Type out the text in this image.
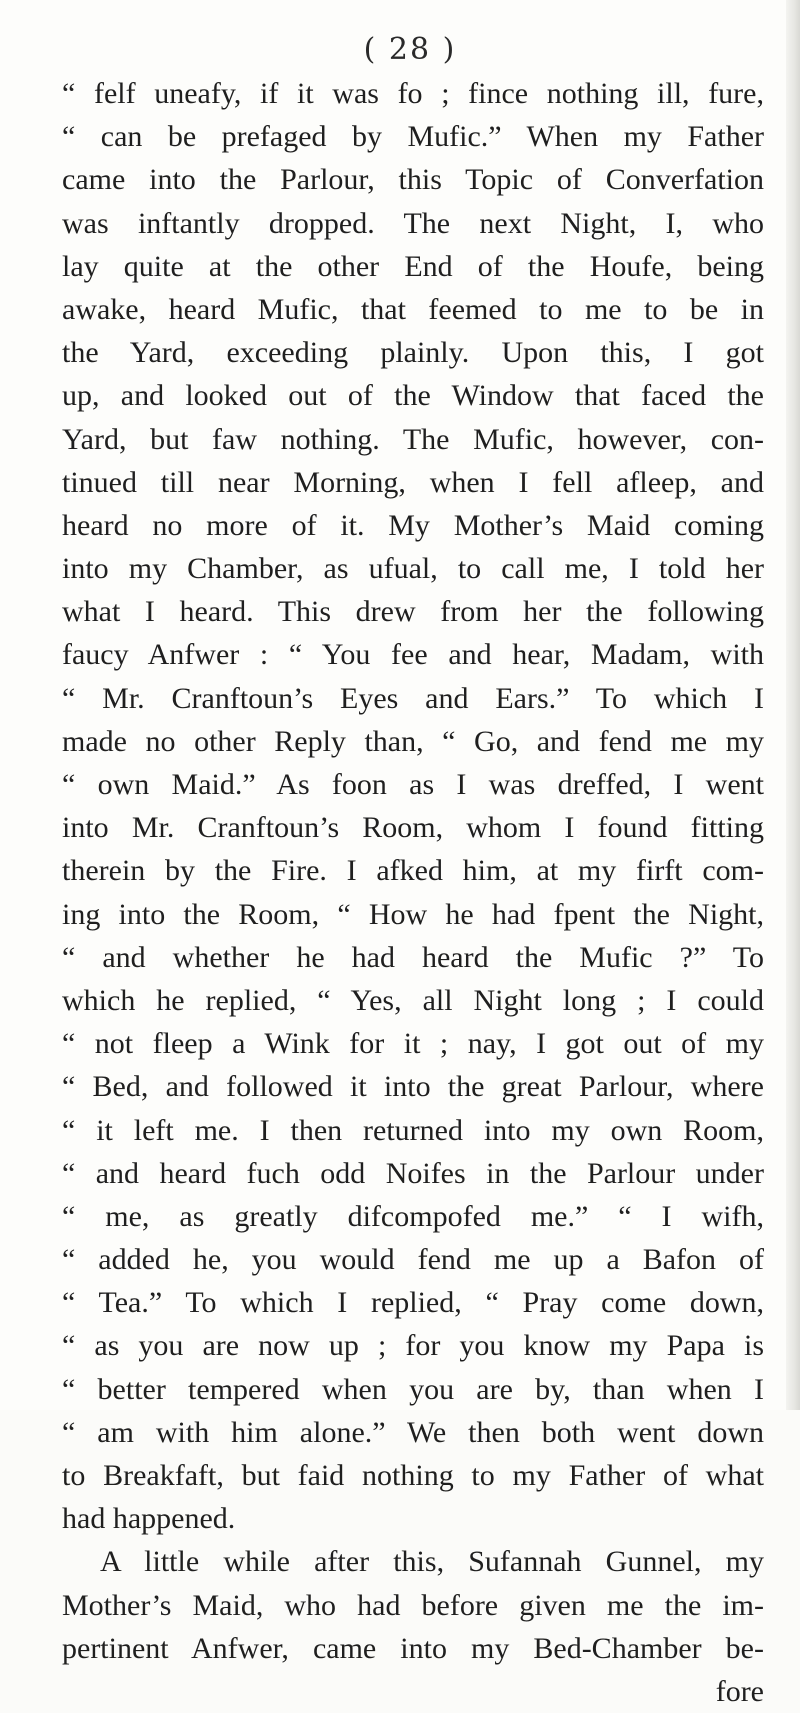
( 28 )
“ felf uneafy, if it was fo ; fince nothing ill, fure,
“ can be prefaged by Mufic.” When my Father
came into the Parlour, this Topic of Converfation
was inftantly dropped. The next Night, I, who
lay quite at the other End of the Houfe, being
awake, heard Mufic, that feemed to me to be in
the Yard, exceeding plainly. Upon this, I got
up, and looked out of the Window that faced the
Yard, but faw nothing. The Mufic, however, con-
tinued till near Morning, when I fell afleep, and
heard no more of it. My Mother’s Maid coming
into my Chamber, as ufual, to call me, I told her
what I heard. This drew from her the following
faucy Anfwer : “ You fee and hear, Madam, with
“ Mr. Cranftoun’s Eyes and Ears.” To which I
made no other Reply than, “ Go, and fend me my
“ own Maid.” As foon as I was dreffed, I went
into Mr. Cranftoun’s Room, whom I found fitting
therein by the Fire. I afked him, at my firft com-
ing into the Room, “ How he had fpent the Night,
“ and whether he had heard the Mufic ?” To
which he replied, “ Yes, all Night long ; I could
“ not fleep a Wink for it ; nay, I got out of my
“ Bed, and followed it into the great Parlour, where
“ it left me. I then returned into my own Room,
“ and heard fuch odd Noifes in the Parlour under
“ me, as greatly difcompofed me.” “ I wifh,
“ added he, you would fend me up a Bafon of
“ Tea.” To which I replied, “ Pray come down,
“ as you are now up ; for you know my Papa is
“ better tempered when you are by, than when I
“ am with him alone.” We then both went down
to Breakfaft, but faid nothing to my Father of what
had happened.
A little while after this, Sufannah Gunnel, my
Mother’s Maid, who had before given me the im-
pertinent Anfwer, came into my Bed-Chamber be-
fore
